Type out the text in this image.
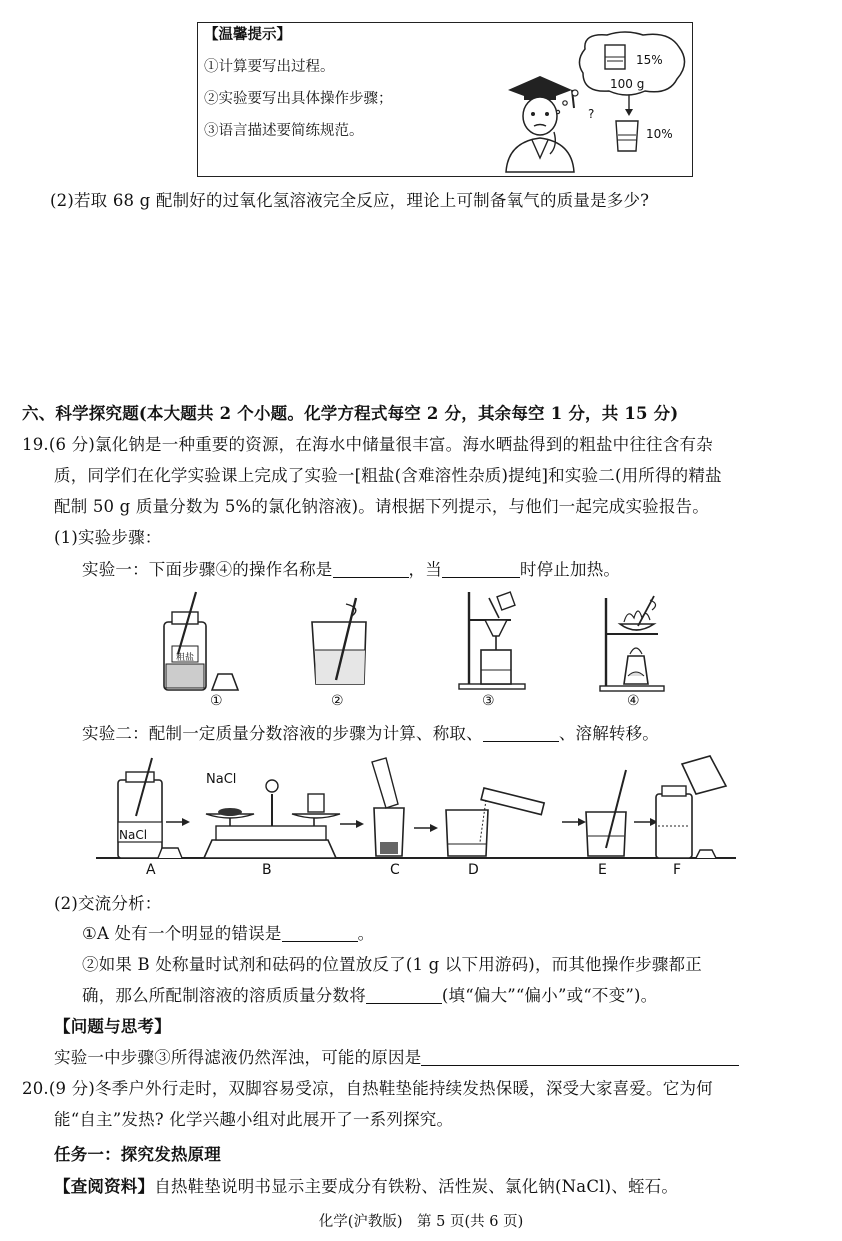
【温馨提示】
①计算要写出过程。
②实验要写出具体操作步骤；
③语言描述要简练规范。
15%
100 g
?
10%
(2)若取 68 g 配制好的过氧化氢溶液完全反应，理论上可制备氧气的质量是多少?
六、科学探究题(本大题共 2 个小题。化学方程式每空 2 分，其余每空 1 分，共 15 分)
19.(6 分)氯化钠是一种重要的资源，在海水中储量很丰富。海水晒盐得到的粗盐中往往含有杂
质，同学们在化学实验课上完成了实验一[粗盐(含难溶性杂质)提纯]和实验二(用所得的精盐
配制 50 g 质量分数为 5%的氯化钠溶液)。请根据下列提示，与他们一起完成实验报告。
(1)实验步骤：
实验一：下面步骤④的操作名称是	，当	时停止加热。
粗盐
①	②	③	④
实验二：配制一定质量分数溶液的步骤为计算、称取、	、溶解转移。
NaCl
NaCl
A	B	C	D	E	F
(2)交流分析：
①A 处有一个明显的错误是	。
②如果 B 处称量时试剂和砝码的位置放反了(1 g 以下用游码)，而其他操作步骤都正
确，那么所配制溶液的溶质质量分数将	(填“偏大”“偏小”或“不变”)。
【问题与思考】
实验一中步骤③所得滤液仍然浑浊，可能的原因是
20.(9 分)冬季户外行走时，双脚容易受凉，自热鞋垫能持续发热保暖，深受大家喜爱。它为何
能“自主”发热? 化学兴趣小组对此展开了一系列探究。
任务一：探究发热原理
【查阅资料】自热鞋垫说明书显示主要成分有铁粉、活性炭、氯化钠(NaCl)、蛭石。
化学(沪教版)　第 5 页(共 6 页)
